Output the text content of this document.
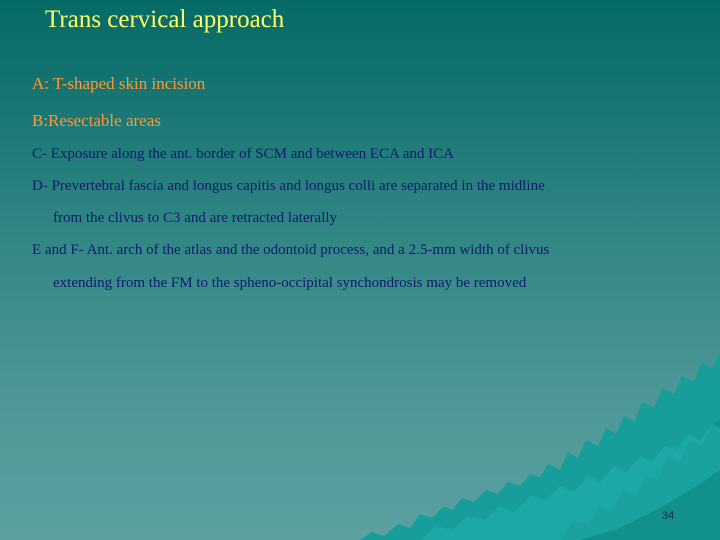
Trans cervical approach
A: T-shaped skin incision
B:Resectable areas
C- Exposure along the ant. border of SCM and between ECA and ICA
D- Prevertebral fascia and longus capitis and longus colli are separated in the midline
from the clivus to C3 and are retracted laterally
E and F- Ant. arch of the atlas and the odontoid process, and a 2.5-mm width of clivus
extending from the FM to the spheno-occipital synchondrosis may be removed
34
